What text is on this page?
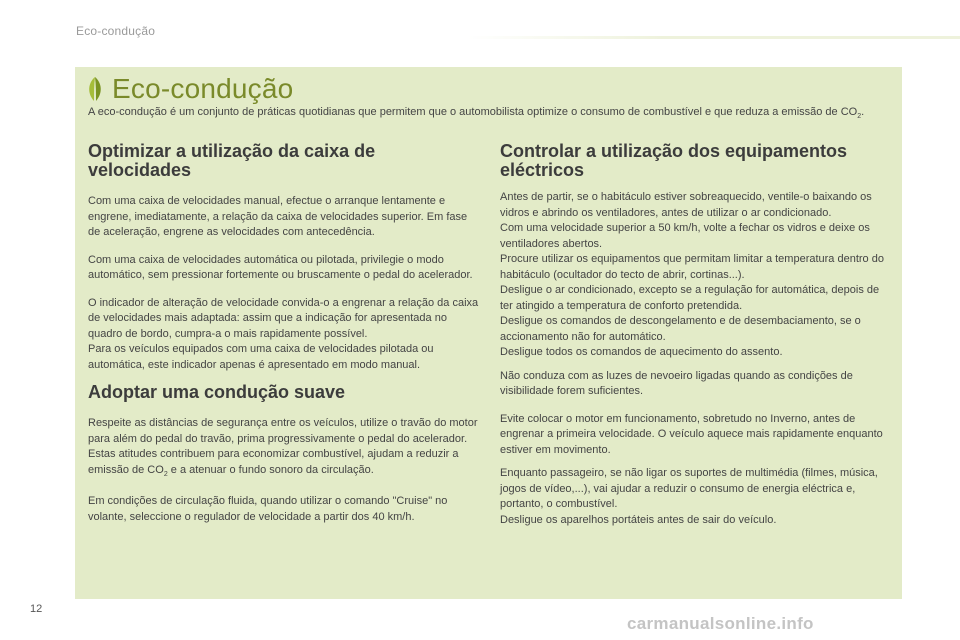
Eco-condução
Eco-condução
A eco-condução é um conjunto de práticas quotidianas que permitem que o automobilista optimize o consumo de combustível e que reduza a emissão de $CO_2$.
Optimizar a utilização da caixa de velocidades

Com uma caixa de velocidades manual, efectue o arranque lentamente e engrene, imediatamente, a relação da caixa de velocidades superior. Em fase de aceleração, engrene as velocidades com antecedência.

Com uma caixa de velocidades automática ou pilotada, privilegie o modo automático, sem pressionar fortemente ou bruscamente o pedal do acelerador.

O indicador de alteração de velocidade convida-o a engrenar a relação da caixa de velocidades mais adaptada: assim que a indicação for apresentada no quadro de bordo, cumpra-a o mais rapidamente possível.

Para os veículos equipados com uma caixa de velocidades pilotada ou automática, este indicador apenas é apresentado em modo manual.

Adoptar uma condução suave

Respeite as distâncias de segurança entre os veículos, utilize o travão do motor para além do pedal do travão, prima progressivamente o pedal do acelerador. Estas atitudes contribuem para economizar combustível, ajudam a reduzir a emissão de $CO_2$ e a atenuar o fundo sonoro da circulação.

Em condições de circulação fluida, quando utilizar o comando "Cruise" no volante, seleccione o regulador de velocidade a partir dos 40 km/h.

Controlar a utilização dos equipamentos eléctricos

Antes de partir, se o habitáculo estiver sobreaquecido, ventile-o baixando os vidros e abrindo os ventiladores, antes de utilizar o ar condicionado.

Com uma velocidade superior a 50 km/h, volte a fechar os vidros e deixe os ventiladores abertos.

Procure utilizar os equipamentos que permitam limitar a temperatura dentro do habitáculo (ocultador do tecto de abrir, cortinas...).

Desligue o ar condicionado, excepto se a regulação for automática, depois de ter atingido a temperatura de conforto pretendida.

Desligue os comandos de descongelamento e de desembaciamento, se o accionamento não for automático.

Desligue todos os comandos de aquecimento do assento.

Não conduza com as luzes de nevoeiro ligadas quando as condições de visibilidade forem suficientes.

Evite colocar o motor em funcionamento, sobretudo no Inverno, antes de engrenar a primeira velocidade. O veículo aquece mais rapidamente enquanto estiver em movimento.

Enquanto passageiro, se não ligar os suportes de multimédia (filmes, música, jogos de vídeo,...), vai ajudar a reduzir o consumo de energia eléctrica e, portanto, o combustível.

Desligue os aparelhos portáteis antes de sair do veículo.

12
carmanualsonline.info
